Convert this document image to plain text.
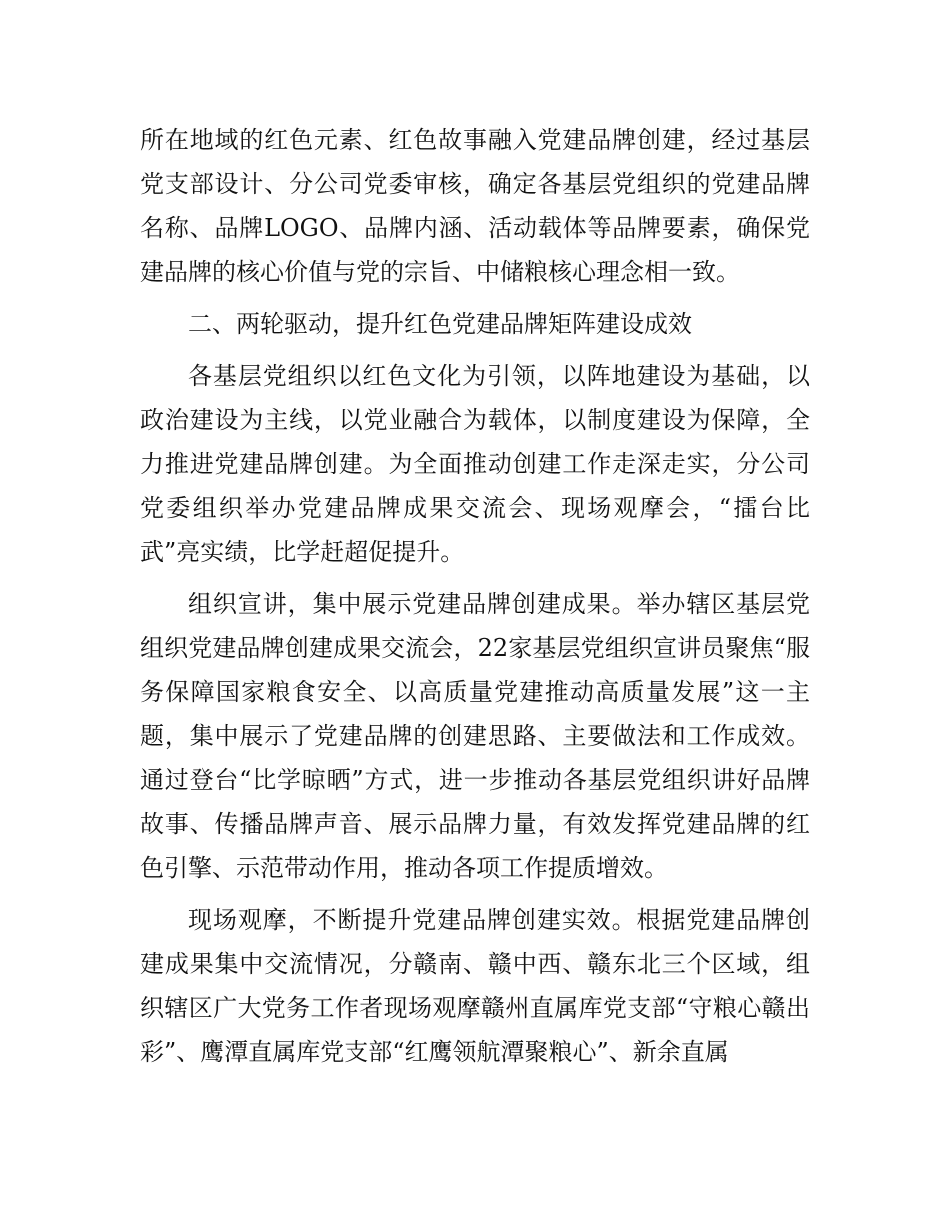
所在地域的红色元素、红色故事融入党建品牌创建，经过基层党支部设计、分公司党委审核，确定各基层党组织的党建品牌名称、品牌LOGO、品牌内涵、活动载体等品牌要素，确保党建品牌的核心价值与党的宗旨、中储粮核心理念相一致。

二、两轮驱动，提升红色党建品牌矩阵建设成效

各基层党组织以红色文化为引领，以阵地建设为基础，以政治建设为主线，以党业融合为载体，以制度建设为保障，全力推进党建品牌创建。为全面推动创建工作走深走实，分公司党委组织举办党建品牌成果交流会、现场观摩会，“擂台比武”亮实绩，比学赶超促提升。

组织宣讲，集中展示党建品牌创建成果。举办辖区基层党组织党建品牌创建成果交流会，22家基层党组织宣讲员聚焦“服务保障国家粮食安全、以高质量党建推动高质量发展”这一主题，集中展示了党建品牌的创建思路、主要做法和工作成效。通过登台“比学晾晒”方式，进一步推动各基层党组织讲好品牌故事、传播品牌声音、展示品牌力量，有效发挥党建品牌的红色引擎、示范带动作用，推动各项工作提质增效。

现场观摩，不断提升党建品牌创建实效。根据党建品牌创建成果集中交流情况，分赣南、赣中西、赣东北三个区域，组织辖区广大党务工作者现场观摩赣州直属库党支部“守粮心赣出彩”、鹰潭直属库党支部“红鹰领航潭聚粮心”、新余直属
